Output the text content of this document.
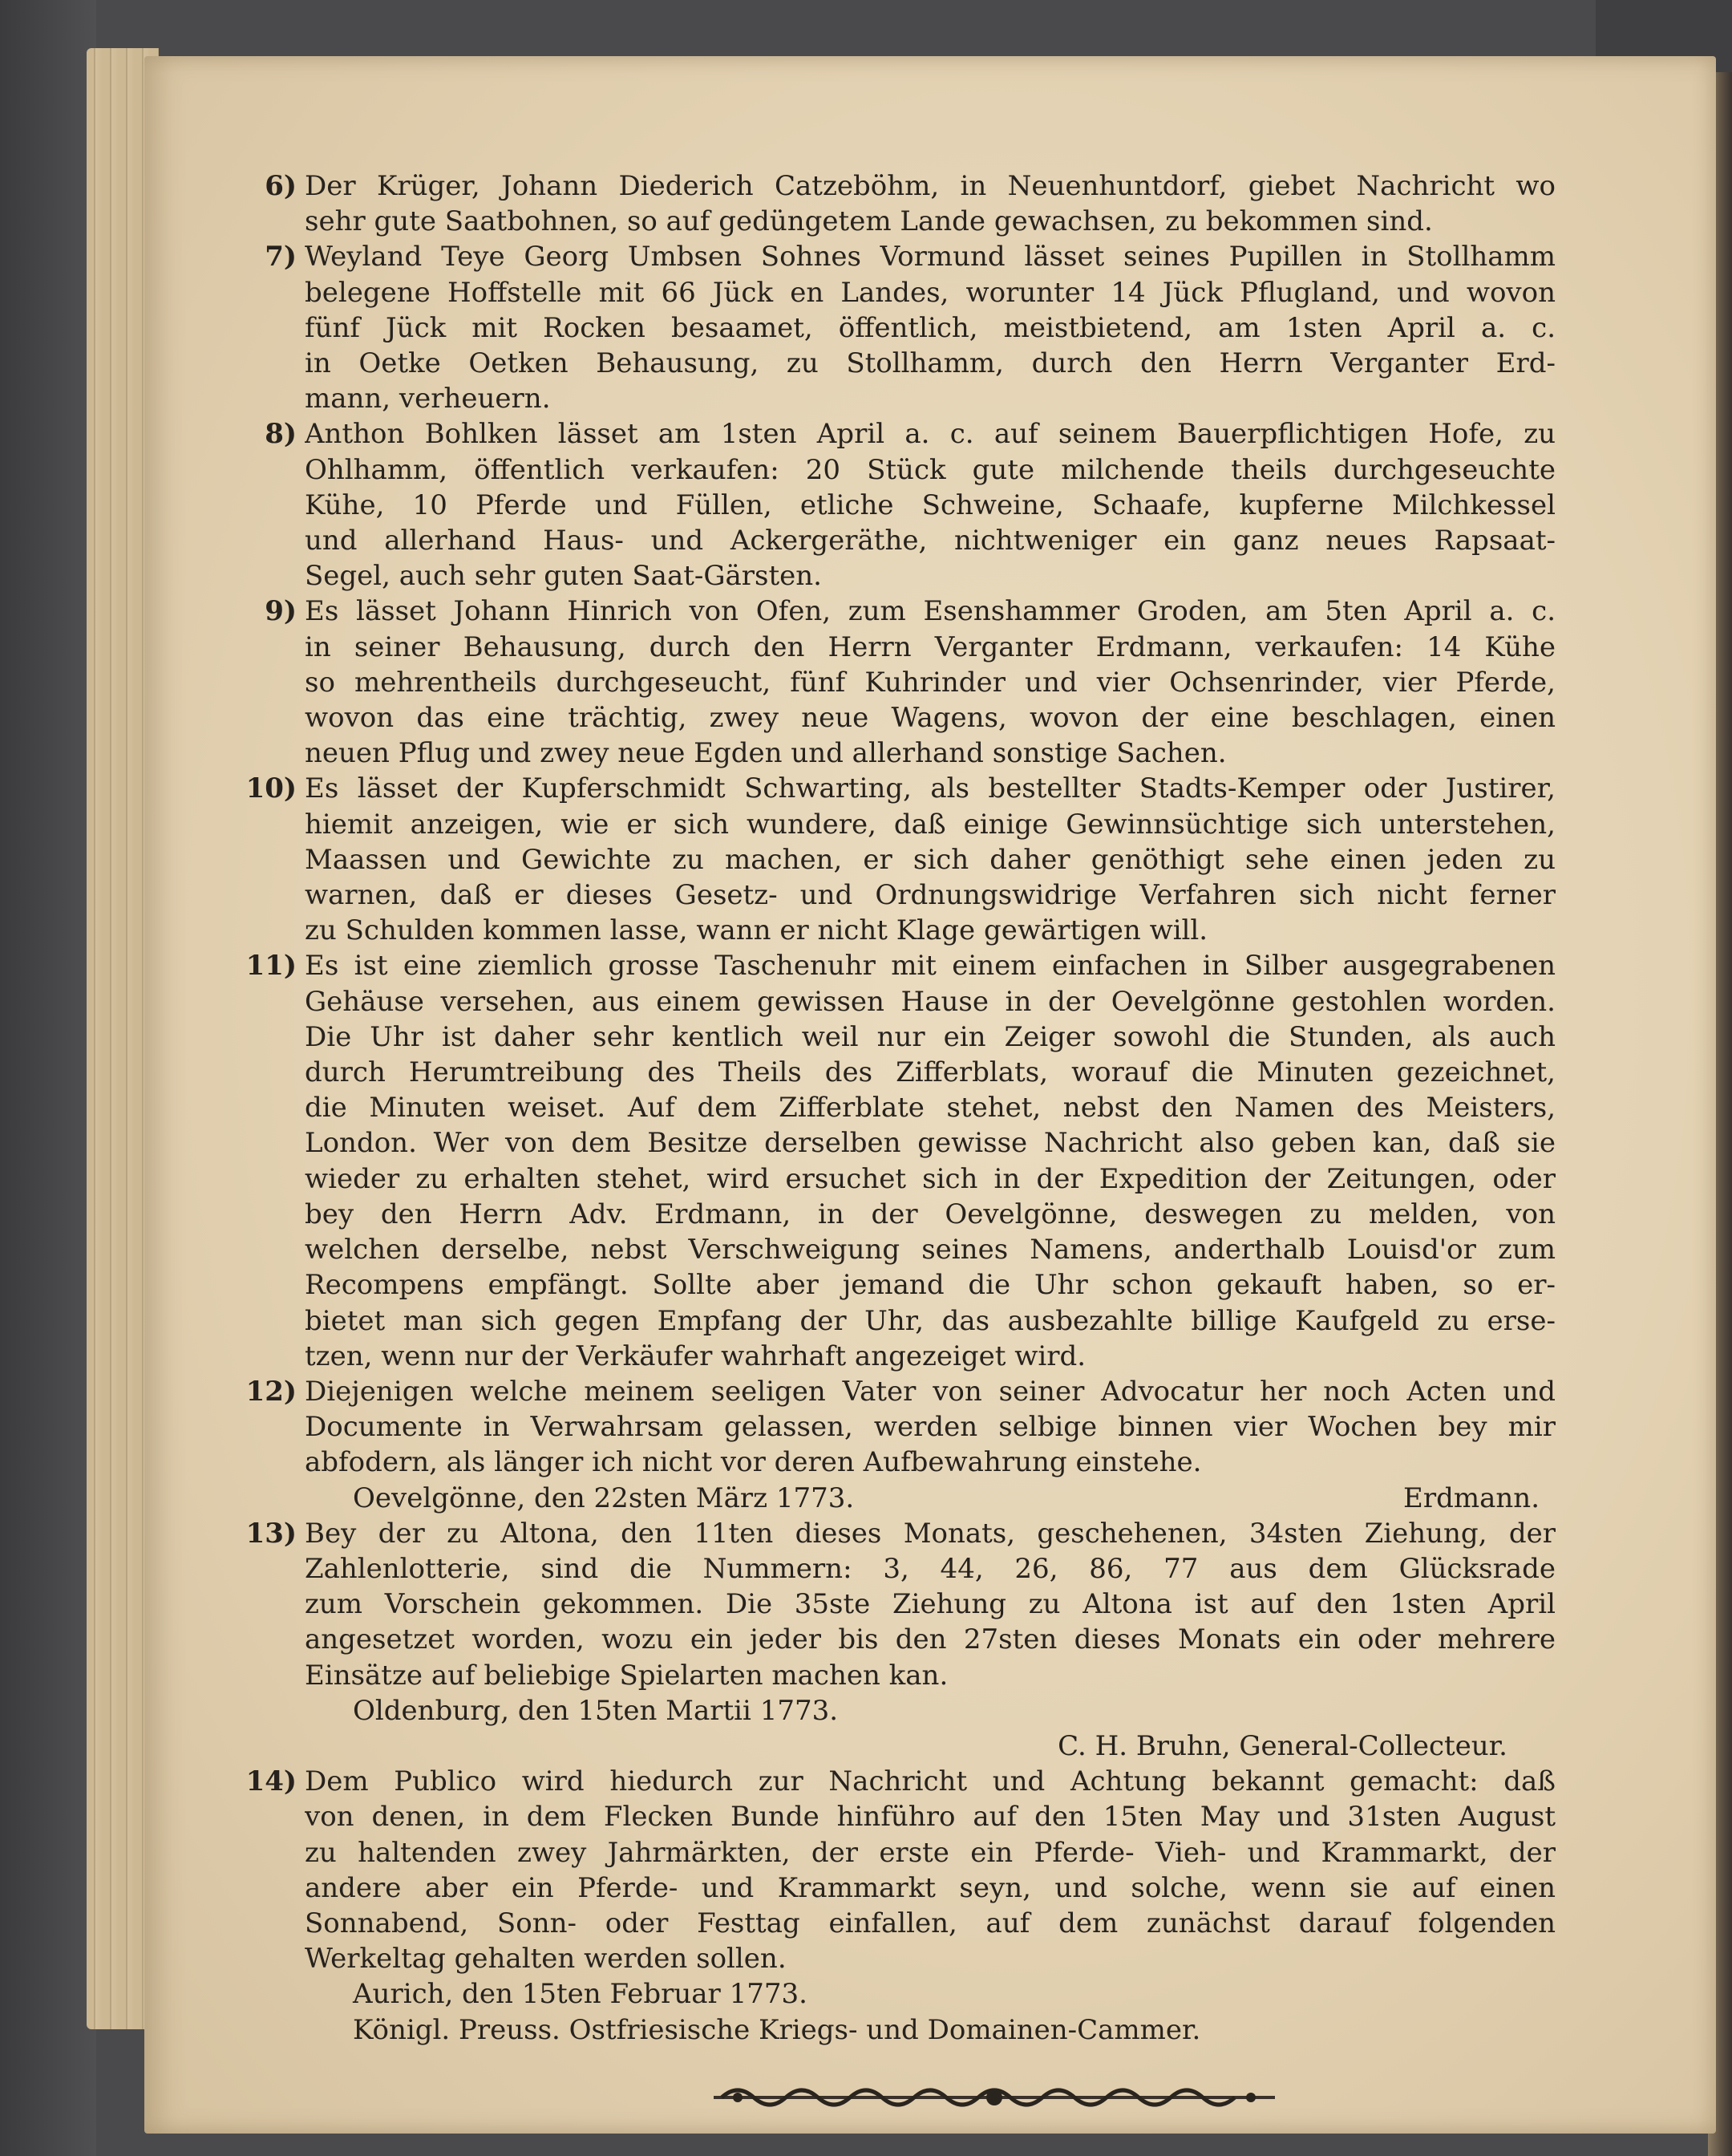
6) Der Krüger, Johann Diederich Catzeböhm, in Neuenhuntdorf, giebet Nachricht wo
sehr gute Saatbohnen, so auf gedüngetem Lande gewachsen, zu bekommen sind.
7) Weyland Teye Georg Umbsen Sohnes Vormund lässet seines Pupillen in Stollhamm
belegene Hoffstelle mit 66 Jück en Landes, worunter 14 Jück Pflugland, und wovon
fünf Jück mit Rocken besaamet, öffentlich, meistbietend, am 1sten April a. c.
in Oetke Oetken Behausung, zu Stollhamm, durch den Herrn Verganter Erd-
mann, verheuern.
8) Anthon Bohlken lässet am 1sten April a. c. auf seinem Bauerpflichtigen Hofe, zu
Ohlhamm, öffentlich verkaufen: 20 Stück gute milchende theils durchgeseuchte
Kühe, 10 Pferde und Füllen, etliche Schweine, Schaafe, kupferne Milchkessel
und allerhand Haus- und Ackergeräthe, nichtweniger ein ganz neues Rapsaat-
Segel, auch sehr guten Saat-Gärsten.
9) Es lässet Johann Hinrich von Ofen, zum Esenshammer Groden, am 5ten April a. c.
in seiner Behausung, durch den Herrn Verganter Erdmann, verkaufen: 14 Kühe
so mehrentheils durchgeseucht, fünf Kuhrinder und vier Ochsenrinder, vier Pferde,
wovon das eine trächtig, zwey neue Wagens, wovon der eine beschlagen, einen
neuen Pflug und zwey neue Egden und allerhand sonstige Sachen.
10) Es lässet der Kupferschmidt Schwarting, als bestellter Stadts-Kemper oder Justirer,
hiemit anzeigen, wie er sich wundere, daß einige Gewinnsüchtige sich unterstehen,
Maassen und Gewichte zu machen, er sich daher genöthigt sehe einen jeden zu
warnen, daß er dieses Gesetz- und Ordnungswidrige Verfahren sich nicht ferner
zu Schulden kommen lasse, wann er nicht Klage gewärtigen will.
11) Es ist eine ziemlich grosse Taschenuhr mit einem einfachen in Silber ausgegrabenen
Gehäuse versehen, aus einem gewissen Hause in der Oevelgönne gestohlen worden.
Die Uhr ist daher sehr kentlich weil nur ein Zeiger sowohl die Stunden, als auch
durch Herumtreibung des Theils des Zifferblats, worauf die Minuten gezeichnet,
die Minuten weiset. Auf dem Zifferblate stehet, nebst den Namen des Meisters,
London. Wer von dem Besitze derselben gewisse Nachricht also geben kan, daß sie
wieder zu erhalten stehet, wird ersuchet sich in der Expedition der Zeitungen, oder
bey den Herrn Adv. Erdmann, in der Oevelgönne, deswegen zu melden, von
welchen derselbe, nebst Verschweigung seines Namens, anderthalb Louisd'or zum
Recompens empfängt. Sollte aber jemand die Uhr schon gekauft haben, so er-
bietet man sich gegen Empfang der Uhr, das ausbezahlte billige Kaufgeld zu erse-
tzen, wenn nur der Verkäufer wahrhaft angezeiget wird.
12) Diejenigen welche meinem seeligen Vater von seiner Advocatur her noch Acten und
Documente in Verwahrsam gelassen, werden selbige binnen vier Wochen bey mir
abfodern, als länger ich nicht vor deren Aufbewahrung einstehe.
Oevelgönne, den 22sten März 1773.	Erdmann.
13) Bey der zu Altona, den 11ten dieses Monats, geschehenen, 34sten Ziehung, der
Zahlenlotterie, sind die Nummern: 3, 44, 26, 86, 77 aus dem Glücksrade
zum Vorschein gekommen. Die 35ste Ziehung zu Altona ist auf den 1sten April
angesetzet worden, wozu ein jeder bis den 27sten dieses Monats ein oder mehrere
Einsätze auf beliebige Spielarten machen kan.
Oldenburg, den 15ten Martii 1773.
C. H. Bruhn, General-Collecteur.
14) Dem Publico wird hiedurch zur Nachricht und Achtung bekannt gemacht: daß
von denen, in dem Flecken Bunde hinführo auf den 15ten May und 31sten August
zu haltenden zwey Jahrmärkten, der erste ein Pferde- Vieh- und Krammarkt, der
andere aber ein Pferde- und Krammarkt seyn, und solche, wenn sie auf einen
Sonnabend, Sonn- oder Festtag einfallen, auf dem zunächst darauf folgenden
Werkeltag gehalten werden sollen.
Aurich, den 15ten Februar 1773.
Königl. Preuss. Ostfriesische Kriegs- und Domainen-Cammer.
